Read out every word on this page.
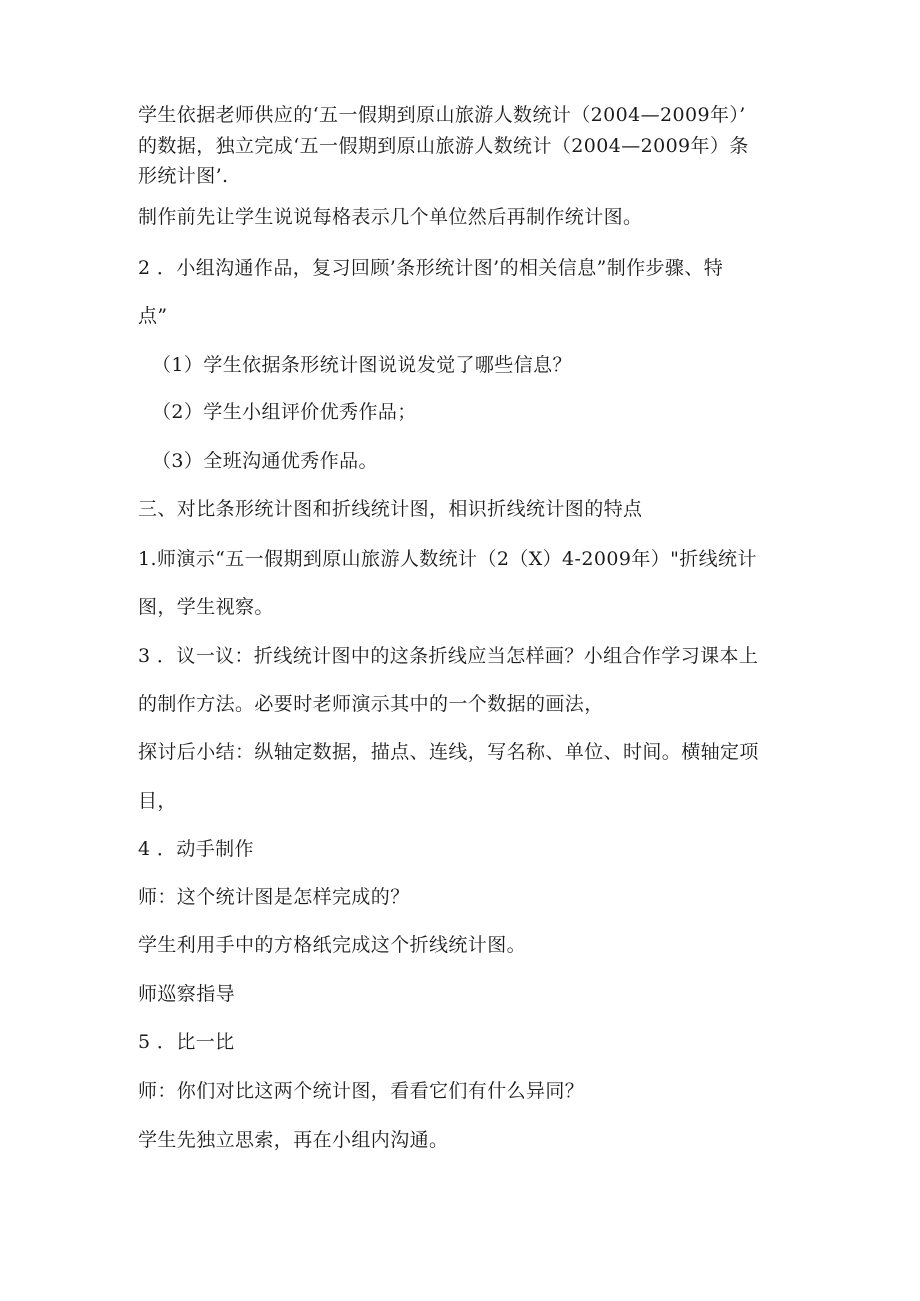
学生依据老师供应的‘五一假期到原山旅游人数统计（2004—2009年）’
的数据，独立完成‘五一假期到原山旅游人数统计（2004—2009年）条
形统计图’.
制作前先让学生说说每格表示几个单位然后再制作统计图。
2 ．小组沟通作品，复习回顾’条形统计图’的相关信息”制作步骤、特
点”
（1）学生依据条形统计图说说发觉了哪些信息？
（2）学生小组评价优秀作品；
（3）全班沟通优秀作品。
三、对比条形统计图和折线统计图，相识折线统计图的特点
1.师演示“五一假期到原山旅游人数统计（2（X）4-2009年）"折线统计
图，学生视察。
3 ．议一议：折线统计图中的这条折线应当怎样画？小组合作学习课本上
的制作方法。必要时老师演示其中的一个数据的画法，
探讨后小结：纵轴定数据，描点、连线，写名称、单位、时间。横轴定项
目，
4 ．动手制作
师：这个统计图是怎样完成的？
学生利用手中的方格纸完成这个折线统计图。
师巡察指导
5 ．比一比
师：你们对比这两个统计图，看看它们有什么异同？
学生先独立思索，再在小组内沟通。
